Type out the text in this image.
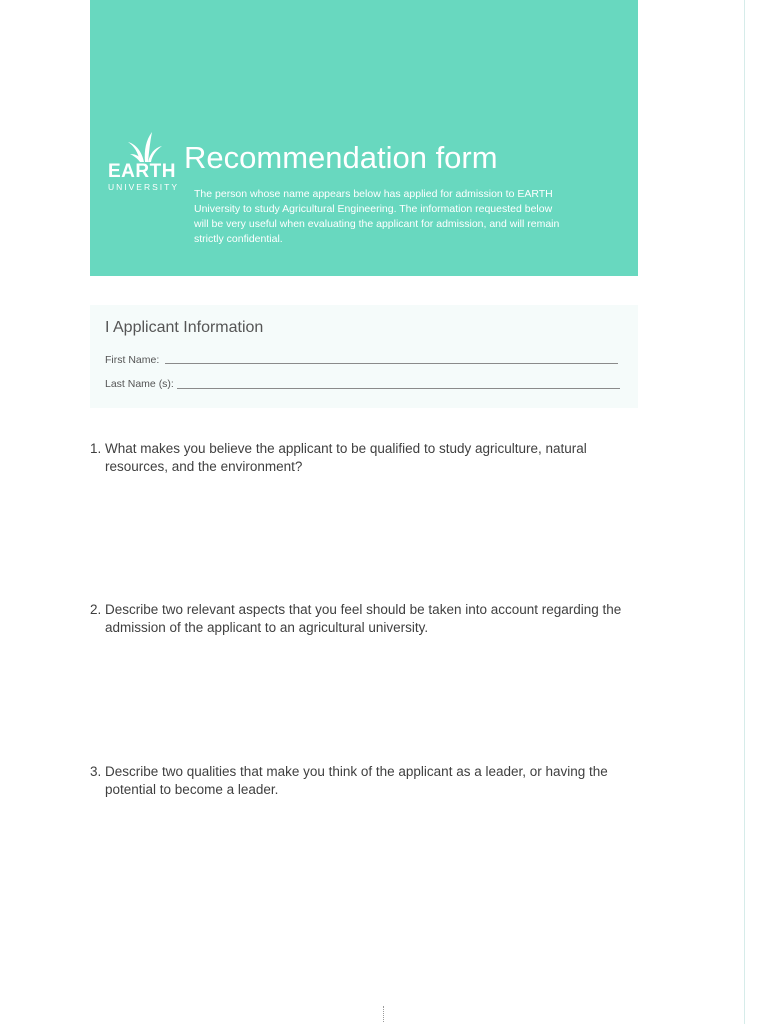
EARTH
UNIVERSITY
Recommendation form
The person whose name appears below has applied for admission to EARTH University to study Agricultural Engineering. The information requested below will be very useful when evaluating the applicant for admission, and will remain strictly confidential.
I Applicant Information
First Name:
Last Name (s):
1. What makes you believe the applicant to be qualified to study agriculture, natural resources, and the environment?
2. Describe two relevant aspects that you feel should be taken into account regarding the admission of the applicant to an agricultural university.
3. Describe two qualities that make you think of the applicant as a leader, or having the potential to become a leader.
